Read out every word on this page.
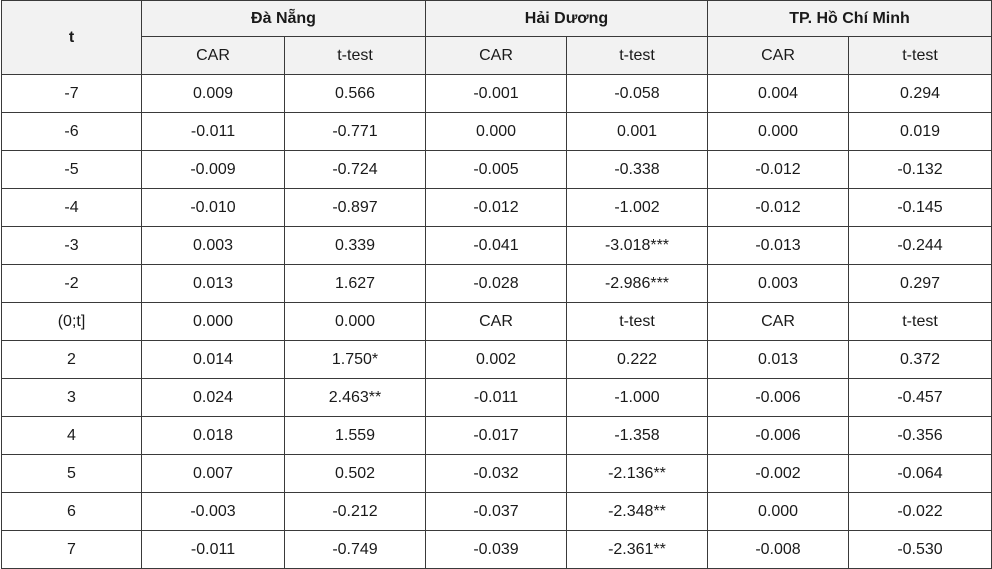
t	Đà Nẵng		Hải Dương		TP. Hồ Chí Minh	
	CAR	t-test	CAR	t-test	CAR	t-test
-7	0.009	0.566	-0.001	-0.058	0.004	0.294
-6	-0.011	-0.771	0.000	0.001	0.000	0.019
-5	-0.009	-0.724	-0.005	-0.338	-0.012	-0.132
-4	-0.010	-0.897	-0.012	-1.002	-0.012	-0.145
-3	0.003	0.339	-0.041	-3.018***	-0.013	-0.244
-2	0.013	1.627	-0.028	-2.986***	0.003	0.297
(0;t]	0.000	0.000	CAR	t-test	CAR	t-test
2	0.014	1.750*	0.002	0.222	0.013	0.372
3	0.024	2.463**	-0.011	-1.000	-0.006	-0.457
4	0.018	1.559	-0.017	-1.358	-0.006	-0.356
5	0.007	0.502	-0.032	-2.136**	-0.002	-0.064
6	-0.003	-0.212	-0.037	-2.348**	0.000	-0.022
7	-0.011	-0.749	-0.039	-2.361**	-0.008	-0.530
